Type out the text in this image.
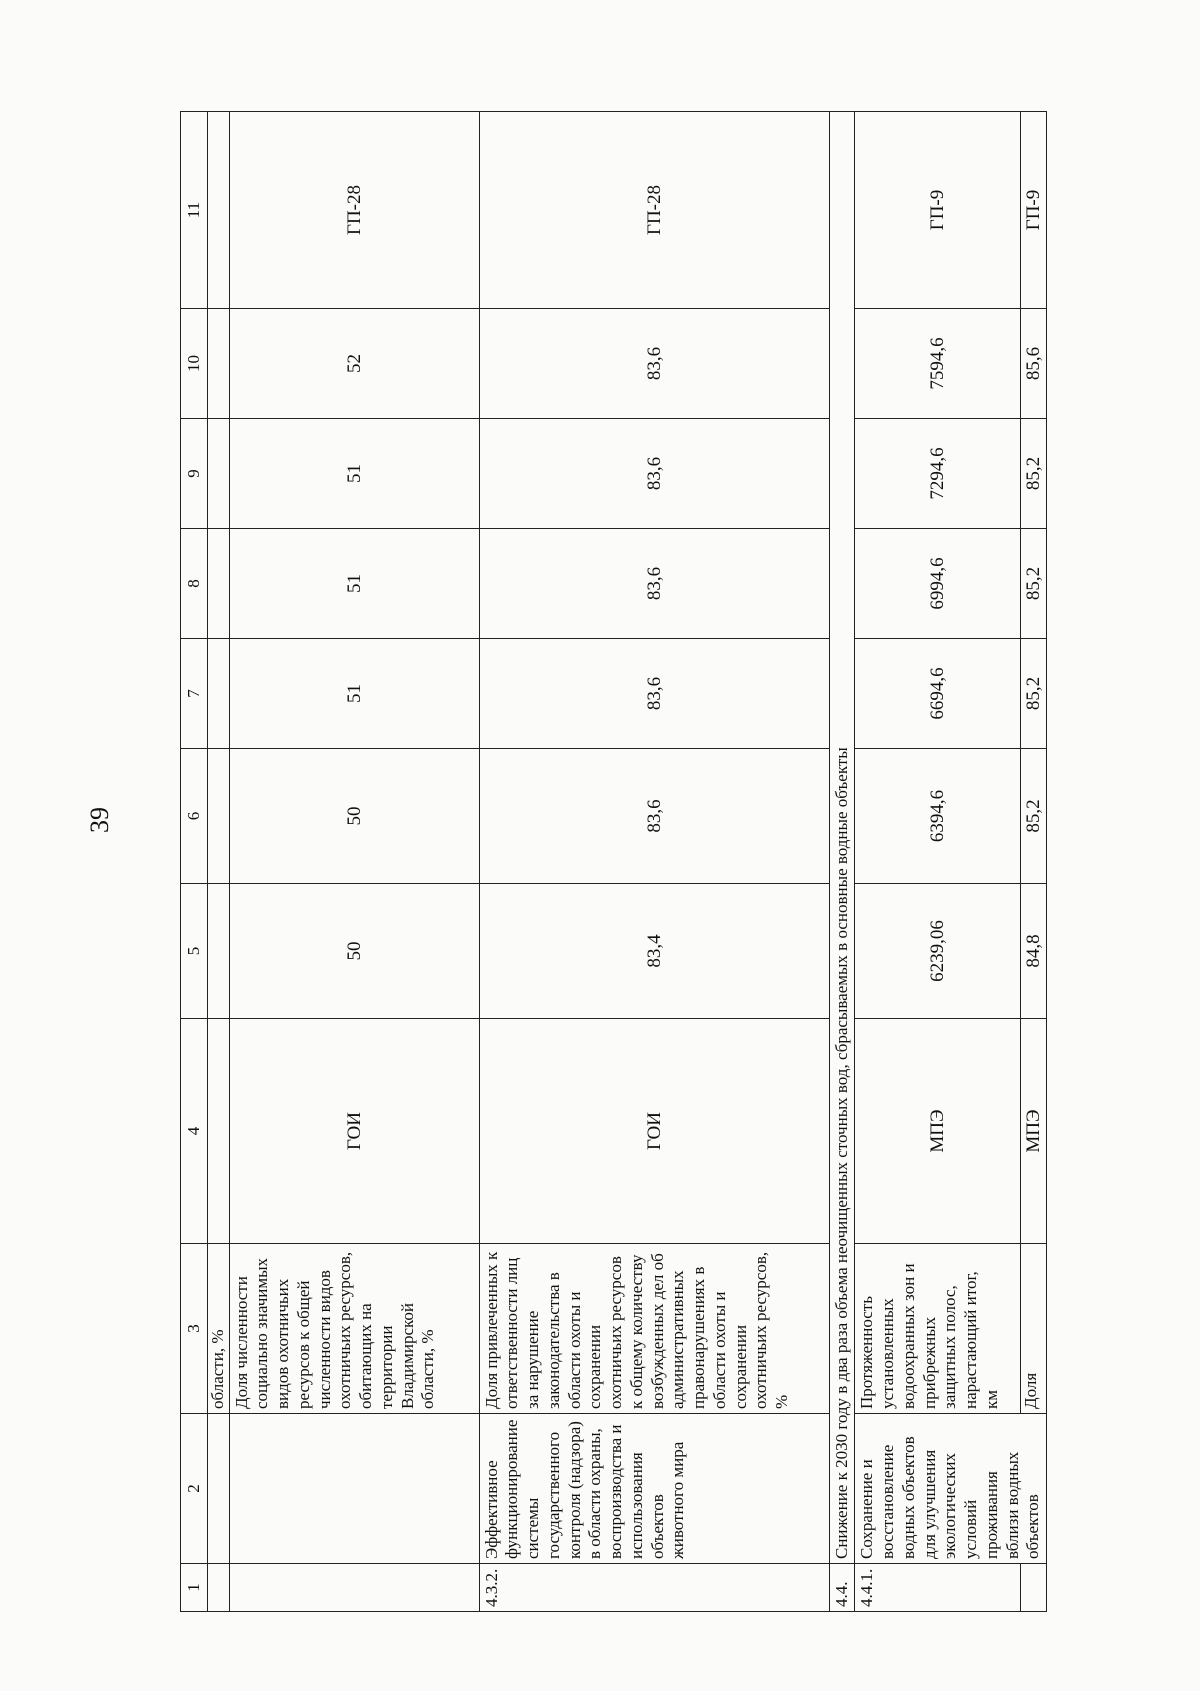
39
1	2	3	4	5	6	7	8	9	10	11
		области, %								
		Доля численности социально значимых видов охотничьих ресурсов к общей численности видов охотничьих ресурсов, обитающих на территории Владимирской области, %	ГОИ	50	50	51	51	51	52	ГП-28
4.3.2.	Эффективное функционирование системы государственного контроля (надзора) в области охраны, воспроизводства и использования объектов животного мира	Доля привлеченных к ответственности лиц за нарушение законодательства в области охоты и сохранении охотничьих ресурсов к общему количеству возбужденных дел об административных правонарушениях в области охоты и сохранении охотничьих ресурсов, %	ГОИ	83,4	83,6	83,6	83,6	83,6	83,6	ГП-28
4.4.	Снижение к 2030 году в два раза объема неочищенных сточных вод, сбрасываемых в основные водные объекты									
4.4.1.	Сохранение и восстановление водных объектов для улучшения экологических условий проживания вблизи водных объектов	Протяженность установленных водоохранных зон и прибрежных защитных полос, нарастающий итог, км	МПЭ	6239,06	6394,6	6694,6	6994,6	7294,6	7594,6	ГП-9
		Доля	МПЭ	84,8	85,2	85,2	85,2	85,2	85,6	ГП-9
